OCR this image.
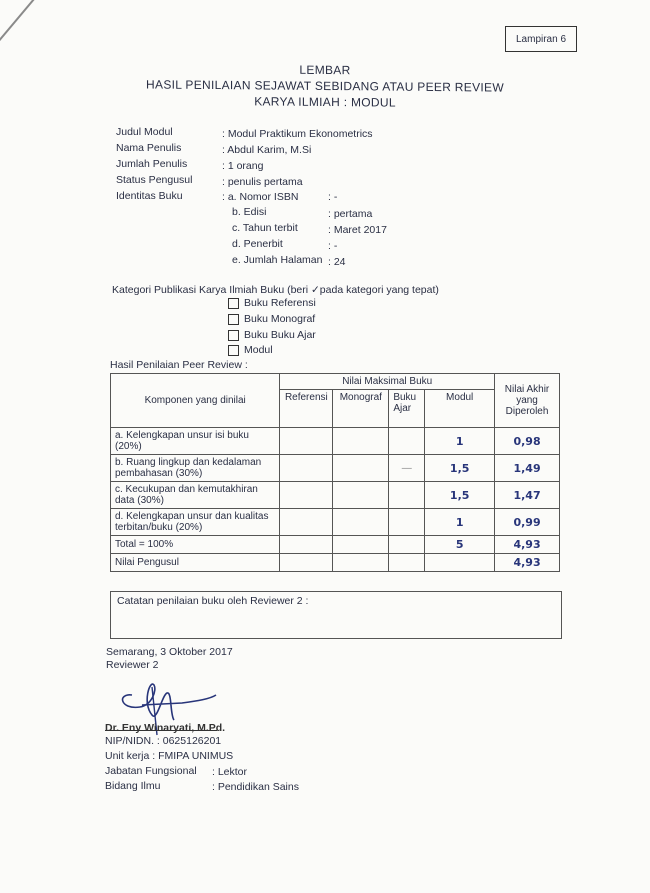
Lampiran 6
LEMBAR
HASIL PENILAIAN SEJAWAT SEBIDANG ATAU PEER REVIEW
KARYA ILMIAH : MODUL
Judul Modul	: Modul Praktikum Ekonometrics
Nama Penulis	: Abdul Karim, M.Si
Jumlah Penulis	: 1 orang
Status Pengusul	: penulis pertama
Identitas Buku	: a. Nomor ISBN	: -
b. Edisi	: pertama
c. Tahun terbit	: Maret 2017
d. Penerbit	: -
e. Jumlah Halaman : 24
Kategori Publikasi Karya Ilmiah Buku (beri ✓pada kategori yang tepat)
Buku Referensi
Buku Monograf
Buku Buku Ajar
Modul
Hasil Penilaian Peer Review :
Komponen yang dinilai	Nilai Maksimal Buku				Nilai Akhir yang Diperoleh
	Referensi	Monograf	Buku Ajar	Modul	
a. Kelengkapan unsur isi buku (20%)				1	0,98
b. Ruang lingkup dan kedalaman pembahasan (30%)			—	1,5	1,49
c. Kecukupan dan kemutakhiran data (30%)				1,5	1,47
d. Kelengkapan unsur dan kualitas terbitan/buku (20%)				1	0,99
Total = 100%				5	4,93
Nilai Pengusul					4,93
Catatan penilaian buku oleh Reviewer 2 :
Semarang, 3 Oktober 2017
Reviewer 2
Dr. Eny Winaryati, M.Pd.
NIP/NIDN. : 0625126201
Unit kerja : FMIPA UNIMUS
Jabatan Fungsional : Lektor
Bidang Ilmu	: Pendidikan Sains
